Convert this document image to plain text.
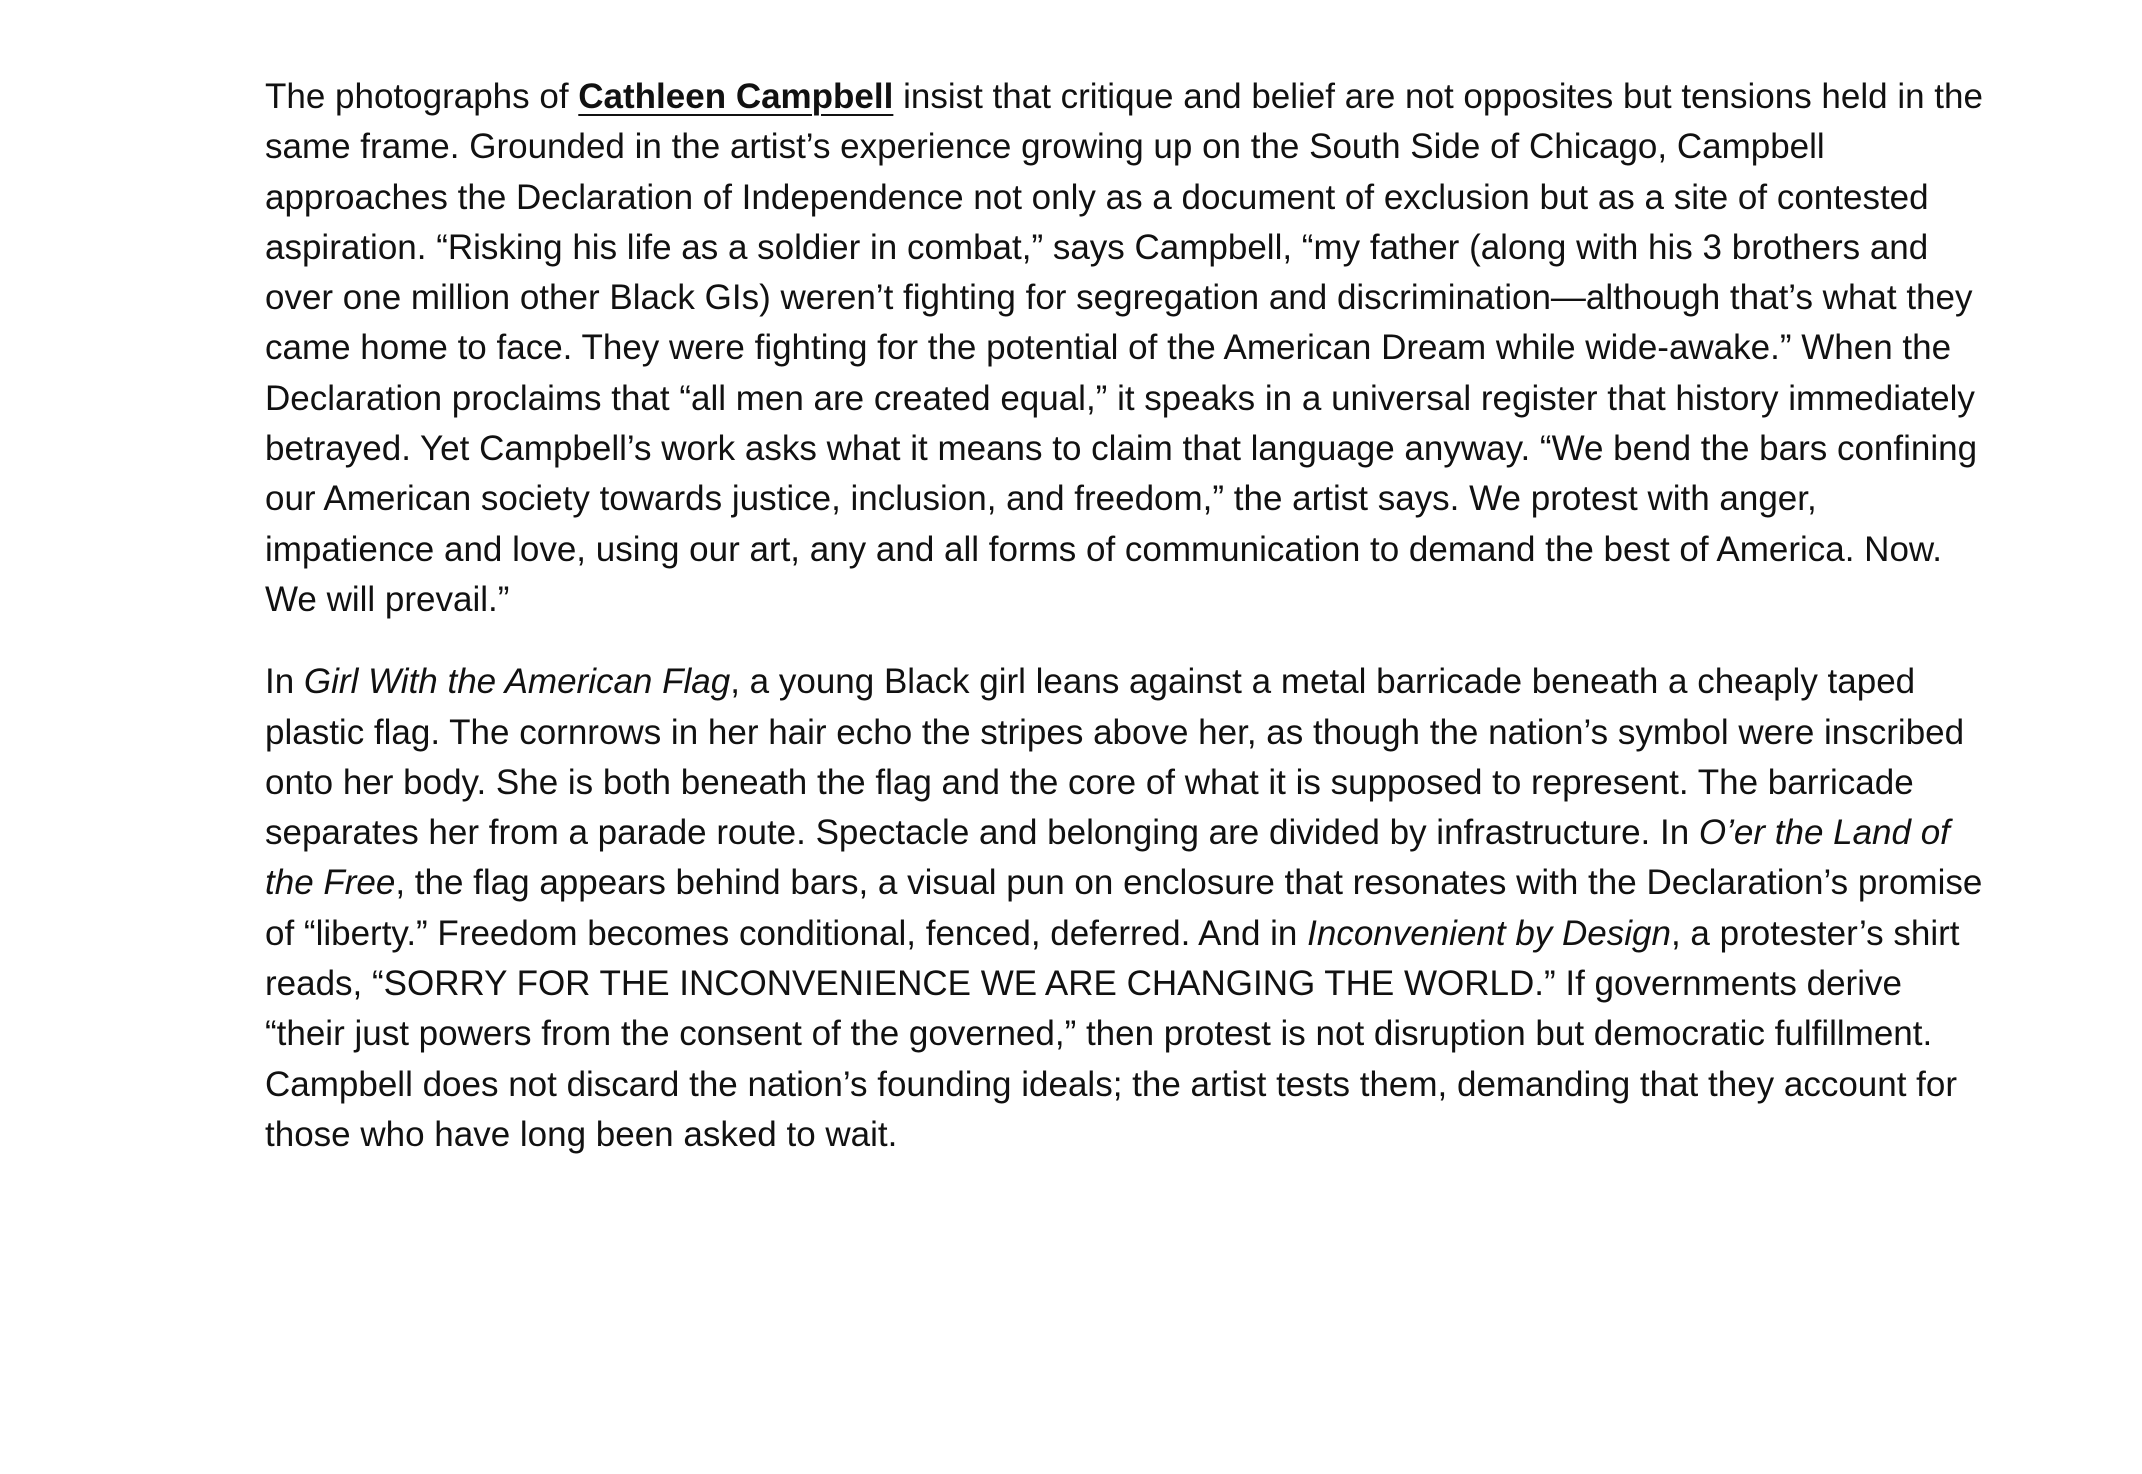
The photographs of Cathleen Campbell insist that critique and belief are not opposites but tensions held in the same frame. Grounded in the artist’s experience growing up on the South Side of Chicago, Campbell approaches the Declaration of Independence not only as a document of exclusion but as a site of contested aspiration. “Risking his life as a soldier in combat,” says Campbell, “my father (along with his 3 brothers and over one million other Black GIs) weren’t fighting for segregation and discrimination—although that’s what they came home to face. They were fighting for the potential of the American Dream while wide-awake.” When the Declaration proclaims that “all men are created equal,” it speaks in a universal register that history immediately betrayed. Yet Campbell’s work asks what it means to claim that language anyway. “We bend the bars confining our American society towards justice, inclusion, and freedom,” the artist says. We protest with anger, impatience and love, using our art, any and all forms of communication to demand the best of America. Now. We will prevail.”

In Girl With the American Flag, a young Black girl leans against a metal barricade beneath a cheaply taped plastic flag. The cornrows in her hair echo the stripes above her, as though the nation’s symbol were inscribed onto her body. She is both beneath the flag and the core of what it is supposed to represent. The barricade separates her from a parade route. Spectacle and belonging are divided by infrastructure. In O’er the Land of the Free, the flag appears behind bars, a visual pun on enclosure that resonates with the Declaration’s promise of “liberty.” Freedom becomes conditional, fenced, deferred. And in Inconvenient by Design, a protester’s shirt reads, “SORRY FOR THE INCONVENIENCE WE ARE CHANGING THE WORLD.” If governments derive “their just powers from the consent of the governed,” then protest is not disruption but democratic fulfillment. Campbell does not discard the nation’s founding ideals; the artist tests them, demanding that they account for those who have long been asked to wait.
